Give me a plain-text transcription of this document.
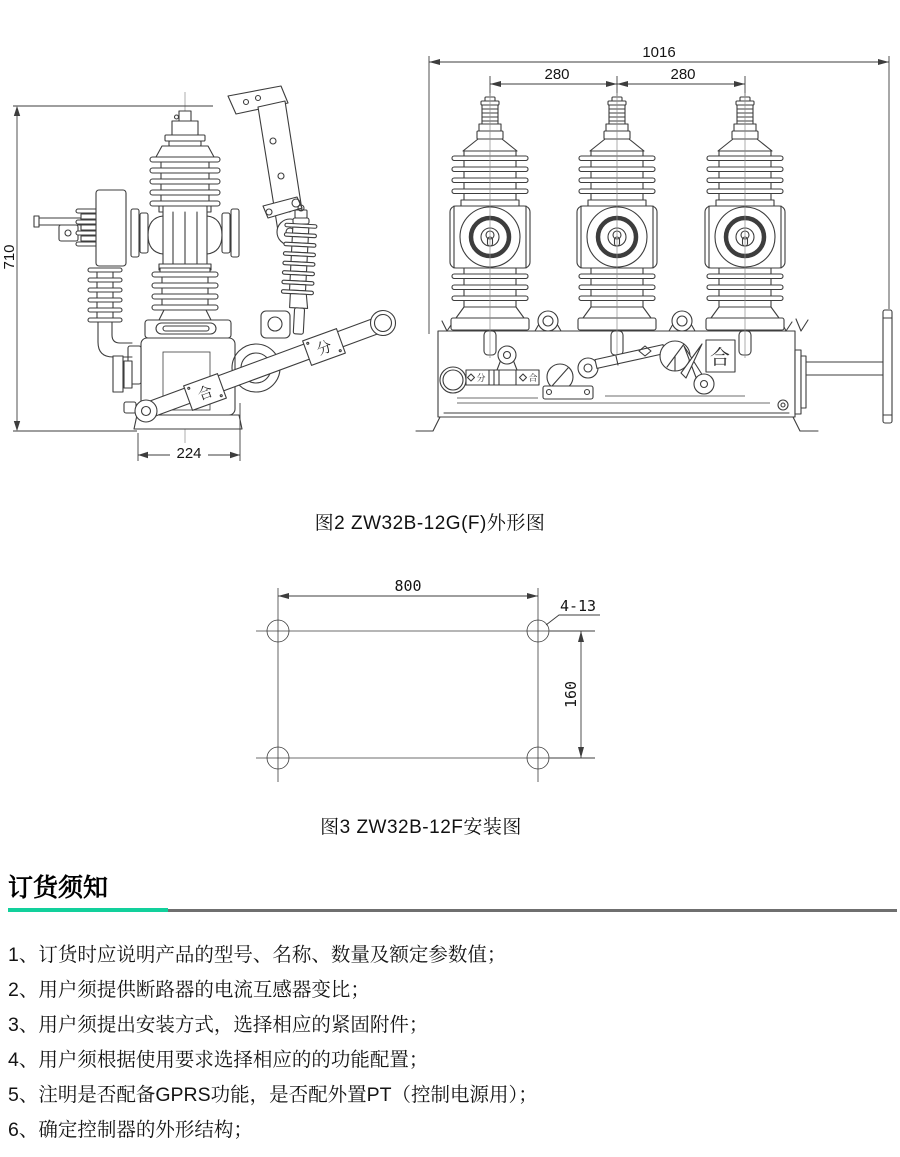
710
合
分
224
1016
280	280
分	合
合
图2 ZW32B-12G(F)外形图
800
4-13
160
图3 ZW32B-12F安装图
订货须知
1、订货时应说明产品的型号、名称、数量及额定参数值；
2、用户须提供断路器的电流互感器变比；
3、用户须提出安装方式，选择相应的紧固附件；
4、用户须根据使用要求选择相应的的功能配置；
5、注明是否配备GPRS功能，是否配外置PT（控制电源用）；
6、确定控制器的外形结构；
